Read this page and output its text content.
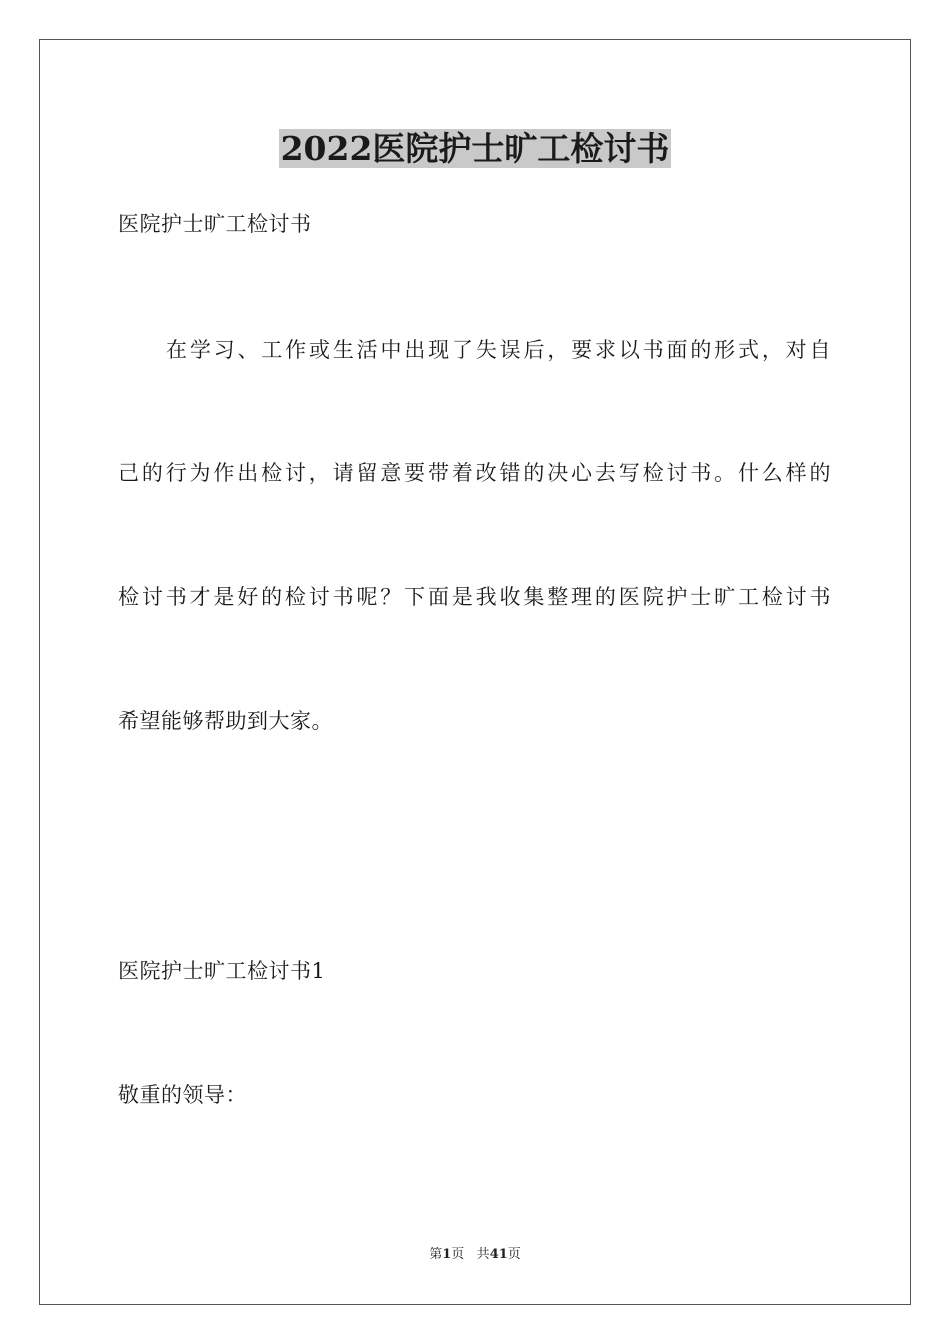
2022医院护士旷工检讨书
医院护士旷工检讨书
在学习、工作或生活中出现了失误后，要求以书面的形式，对自
己的行为作出检讨，请留意要带着改错的决心去写检讨书。什么样的
检讨书才是好的检讨书呢？下面是我收集整理的医院护士旷工检讨书
希望能够帮助到大家。
医院护士旷工检讨书1
敬重的领导：
第1页 共41页
